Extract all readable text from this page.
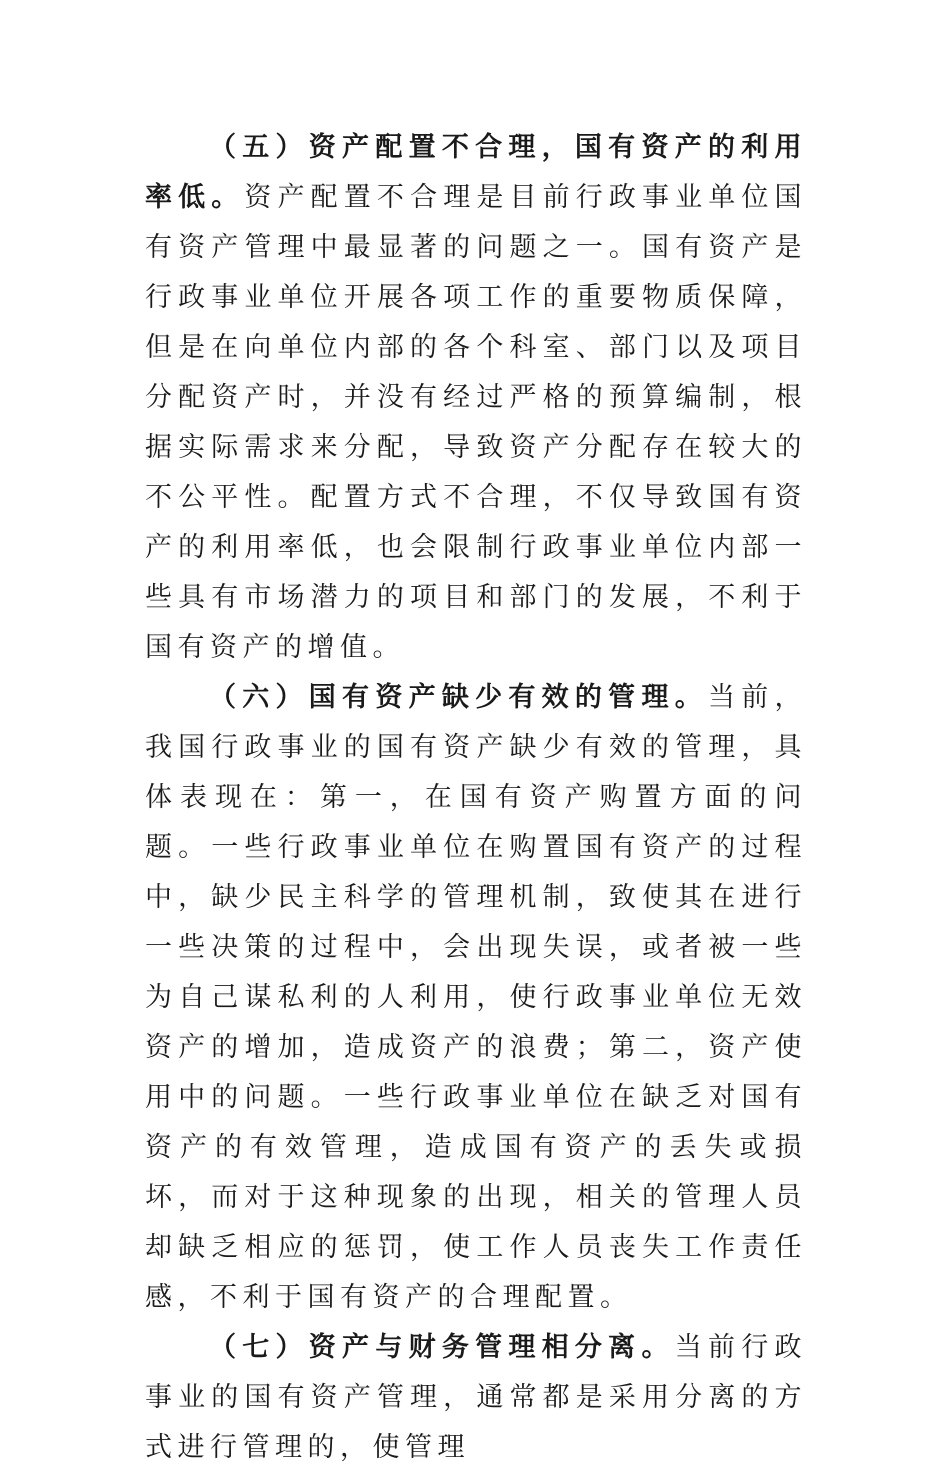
（五）资产配置不合理，国有资产的利用率低。资产配置不合理是目前行政事业单位国有资产管理中最显著的问题之一。国有资产是行政事业单位开展各项工作的重要物质保障，但是在向单位内部的各个科室、部门以及项目分配资产时，并没有经过严格的预算编制，根据实际需求来分配，导致资产分配存在较大的不公平性。配置方式不合理，不仅导致国有资产的利用率低，也会限制行政事业单位内部一些具有市场潜力的项目和部门的发展，不利于国有资产的增值。

（六）国有资产缺少有效的管理。当前，我国行政事业的国有资产缺少有效的管理，具体表现在：第一，在国有资产购置方面的问题。一些行政事业单位在购置国有资产的过程中，缺少民主科学的管理机制，致使其在进行一些决策的过程中，会出现失误，或者被一些为自己谋私利的人利用，使行政事业单位无效资产的增加，造成资产的浪费；第二，资产使用中的问题。一些行政事业单位在缺乏对国有资产的有效管理，造成国有资产的丢失或损坏，而对于这种现象的出现，相关的管理人员却缺乏相应的惩罚，使工作人员丧失工作责任感，不利于国有资产的合理配置。

（七）资产与财务管理相分离。当前行政事业的国有资产管理，通常都是采用分离的方式进行管理的，使管理
